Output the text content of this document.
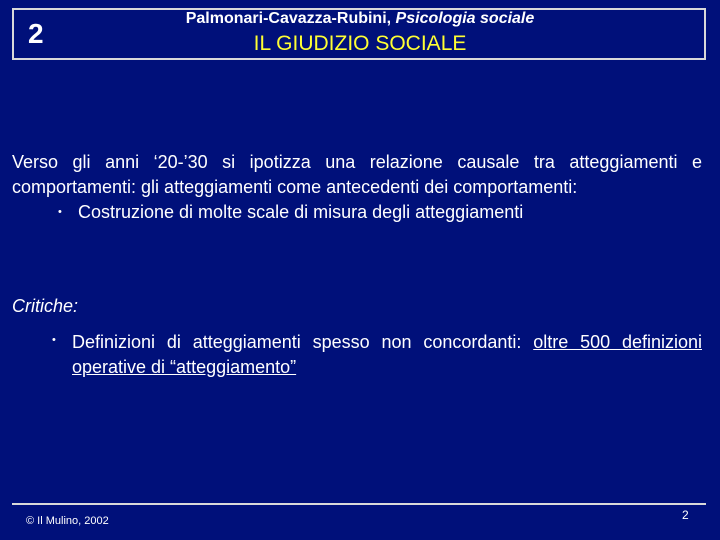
2	Palmonari-Cavazza-Rubini, Psicologia sociale
IL GIUDIZIO SOCIALE
Verso gli anni ‘20-’30 si ipotizza una relazione causale tra atteggiamenti e comportamenti: gli atteggiamenti come antecedenti dei comportamenti:
• Costruzione di molte scale di misura degli atteggiamenti
Critiche:
• Definizioni di atteggiamenti spesso non concordanti: oltre 500 definizioni operative di “atteggiamento”
© Il Mulino, 2002	2
